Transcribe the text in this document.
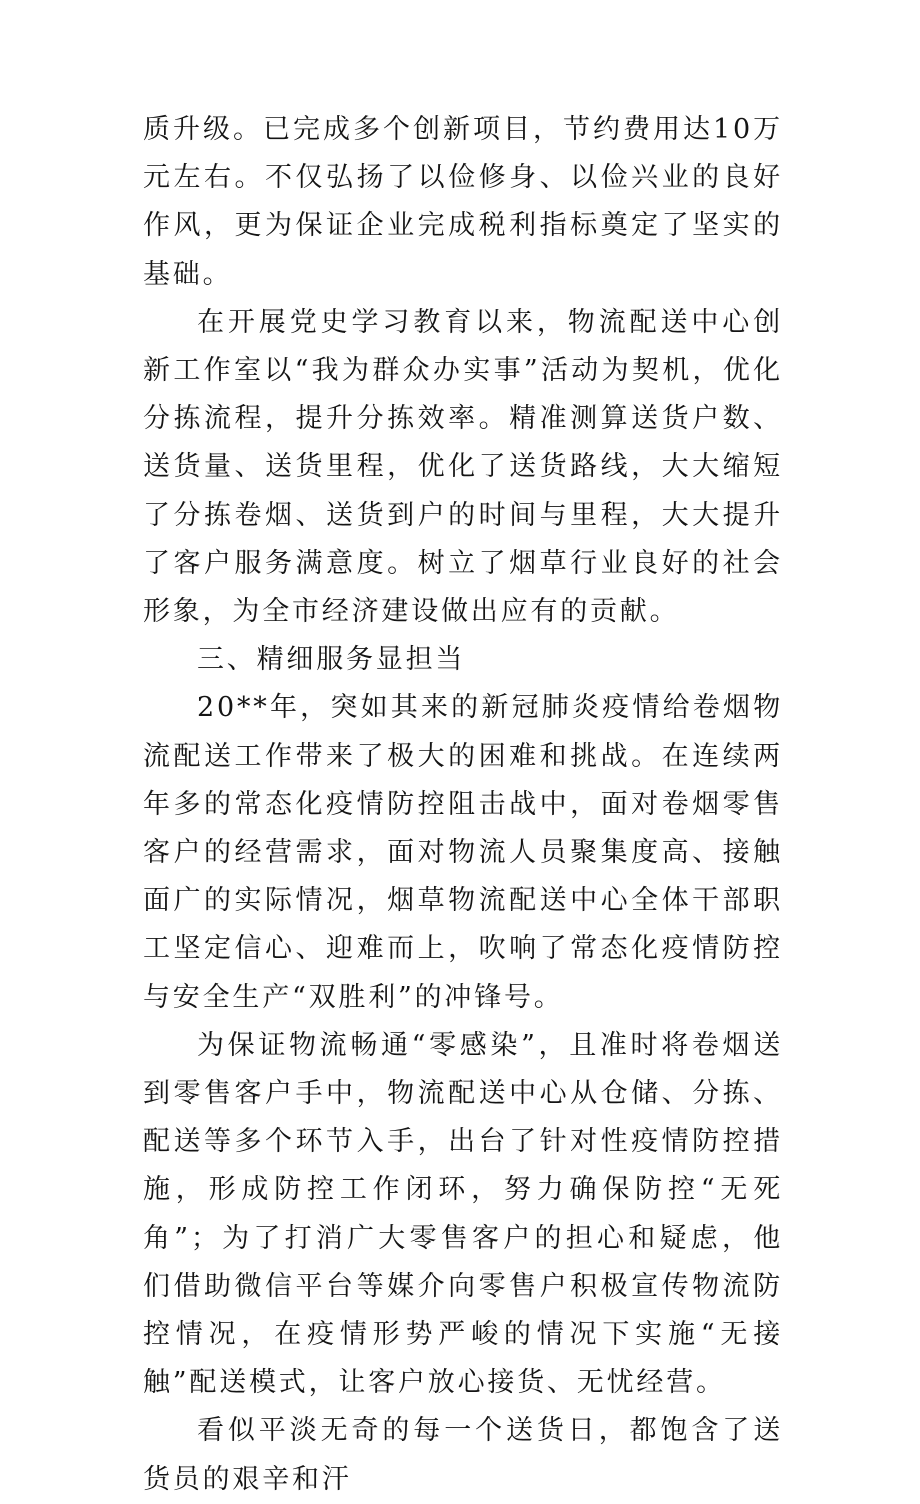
质升级。已完成多个创新项目，节约费用达10万元左右。不仅弘扬了以俭修身、以俭兴业的良好作风，更为保证企业完成税利指标奠定了坚实的基础。

在开展党史学习教育以来，物流配送中心创新工作室以“我为群众办实事”活动为契机，优化分拣流程，提升分拣效率。精准测算送货户数、送货量、送货里程，优化了送货路线，大大缩短了分拣卷烟、送货到户的时间与里程，大大提升了客户服务满意度。树立了烟草行业良好的社会形象，为全市经济建设做出应有的贡献。

三、精细服务显担当

20**年，突如其来的新冠肺炎疫情给卷烟物流配送工作带来了极大的困难和挑战。在连续两年多的常态化疫情防控阻击战中，面对卷烟零售客户的经营需求，面对物流人员聚集度高、接触面广的实际情况，烟草物流配送中心全体干部职工坚定信心、迎难而上，吹响了常态化疫情防控与安全生产“双胜利”的冲锋号。

为保证物流畅通“零感染”，且准时将卷烟送到零售客户手中，物流配送中心从仓储、分拣、配送等多个环节入手，出台了针对性疫情防控措施，形成防控工作闭环，努力确保防控“无死角”；为了打消广大零售客户的担心和疑虑，他们借助微信平台等媒介向零售户积极宣传物流防控情况，在疫情形势严峻的情况下实施“无接触”配送模式，让客户放心接货、无忧经营。

看似平淡无奇的每一个送货日，都饱含了送货员的艰辛和汗
